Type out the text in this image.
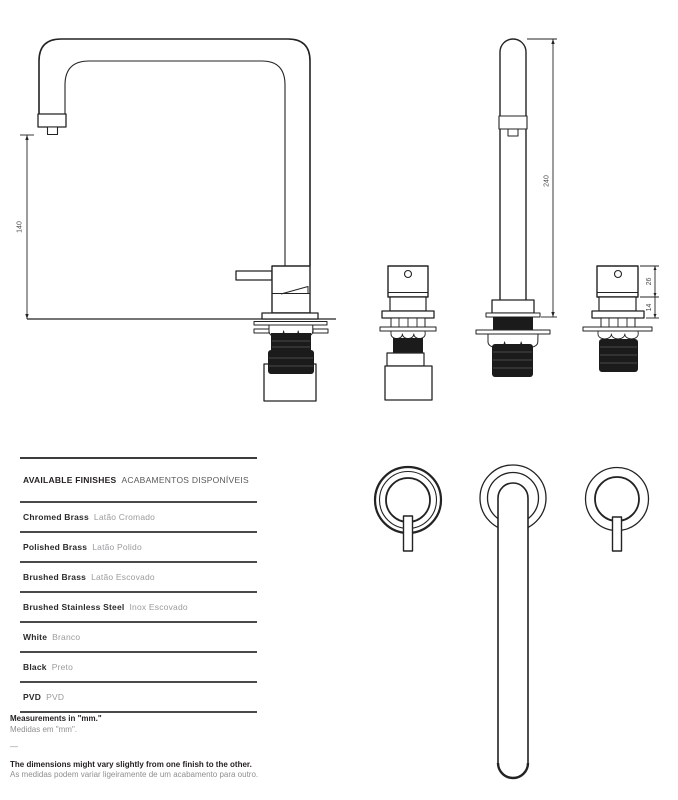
140
240
26
14
AVAILABLE FINISHES ACABAMENTOS DISPONÍVEIS
Chromed Brass Latão Cromado
Polished Brass Latão Polido
Brushed Brass Latão Escovado
Brushed Stainless Steel Inox Escovado
White Branco
Black Preto
PVD PVD
Measurements in "mm."
Medidas em "mm".
—
The dimensions might vary slightly from one finish to the other.
As medidas podem variar ligeiramente de um acabamento para outro.
